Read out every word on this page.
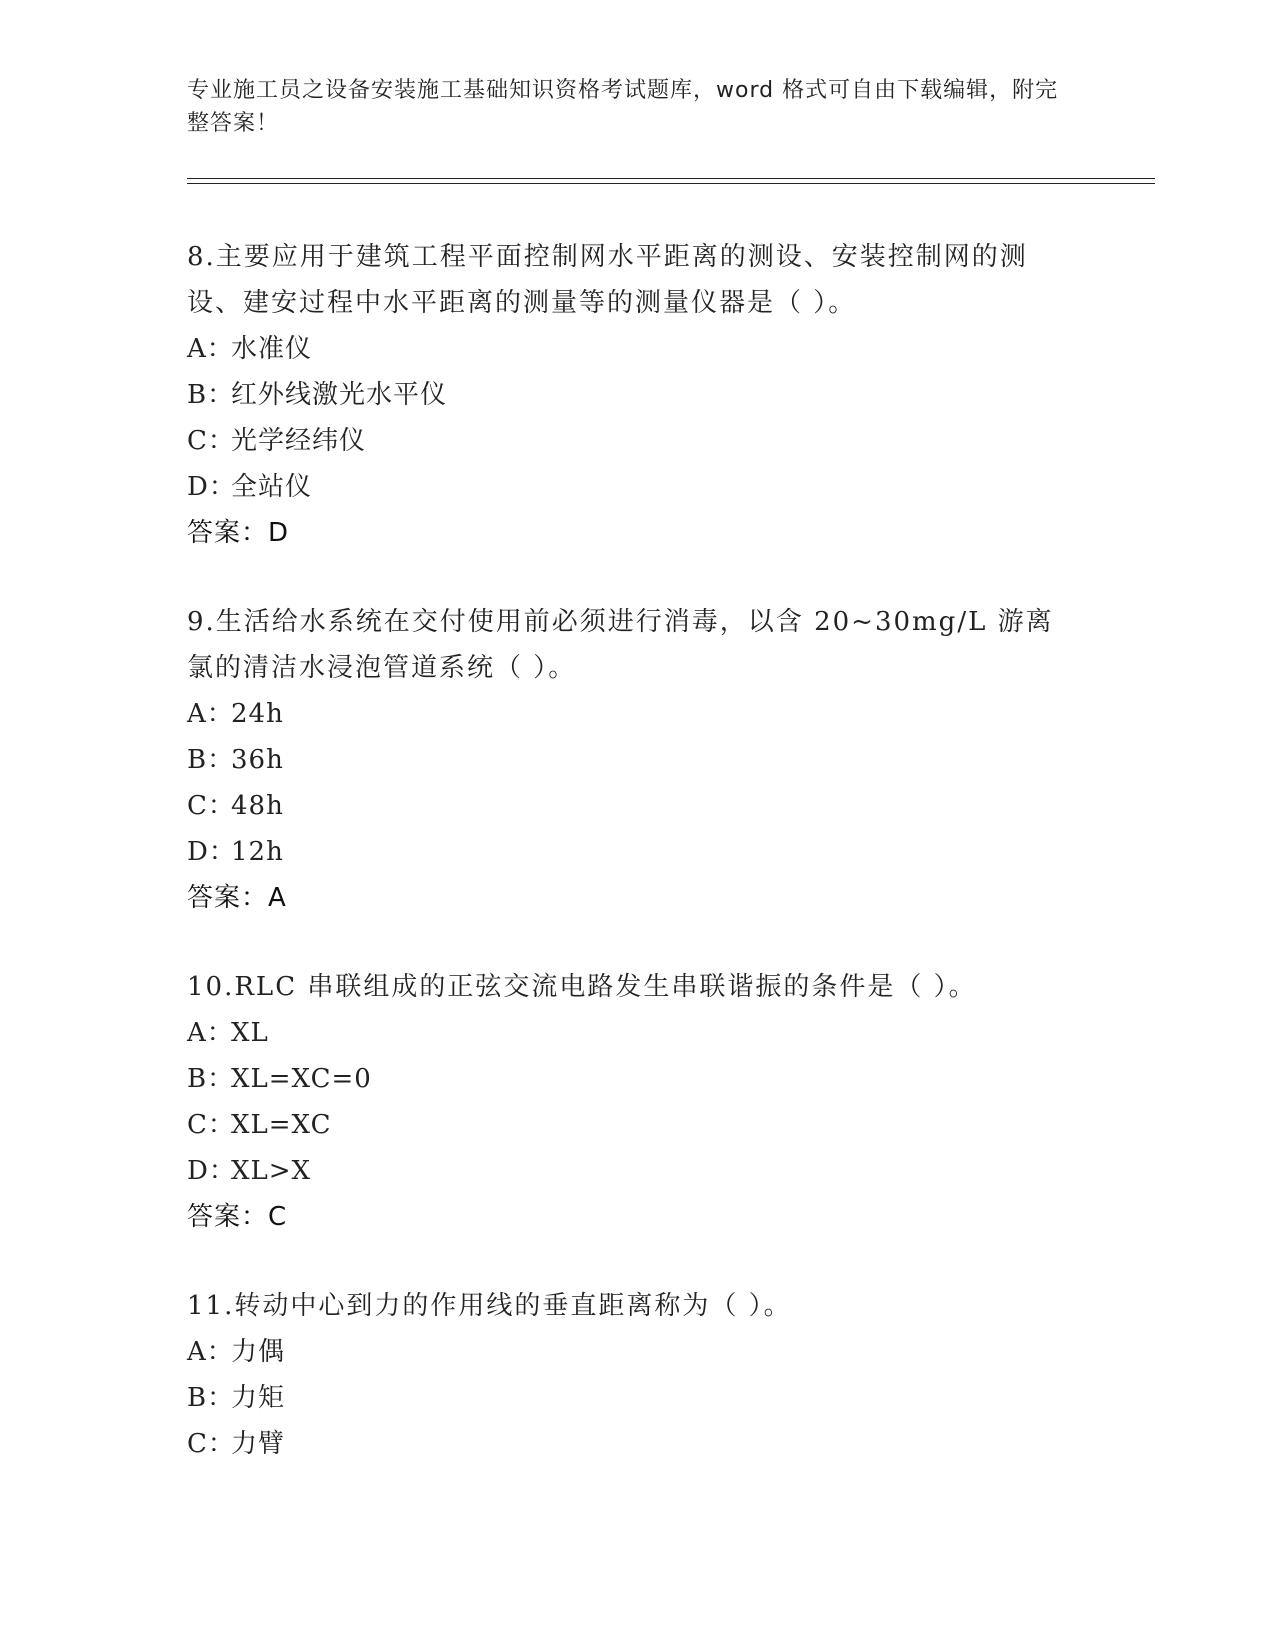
专业施工员之设备安装施工基础知识资格考试题库，word 格式可自由下载编辑，附完整答案！

8.主要应用于建筑工程平面控制网水平距离的测设、安装控制网的测设、建安过程中水平距离的测量等的测量仪器是（ ）。

A：水准仪

B：红外线激光水平仪

C：光学经纬仪

D：全站仪

答案：D

9.生活给水系统在交付使用前必须进行消毒，以含 20~30mg/L 游离氯的清洁水浸泡管道系统（ ）。

A：24h

B：36h

C：48h

D：12h

答案：A

10.RLC 串联组成的正弦交流电路发生串联谐振的条件是（ ）。

A：XL

B：XL=XC=0

C：XL=XC

D：XL>X

答案：C

11.转动中心到力的作用线的垂直距离称为（ ）。

A：力偶

B：力矩

C：力臂
